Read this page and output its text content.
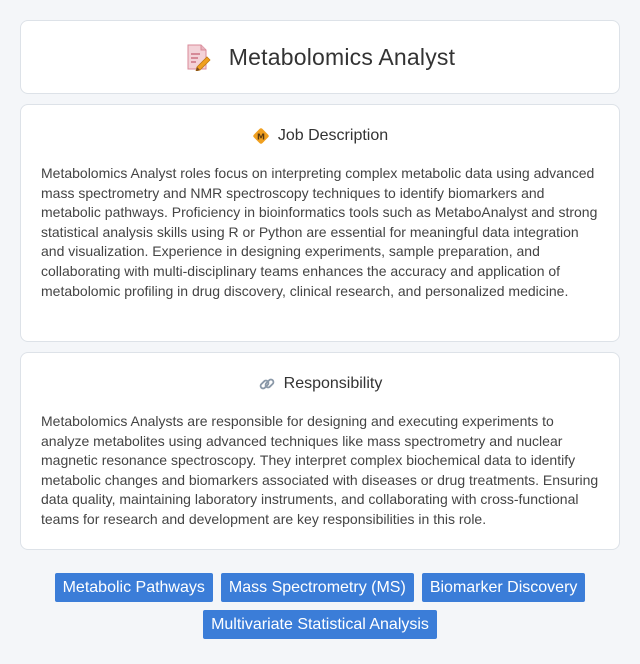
Metabolomics Analyst
M Job Description

Metabolomics Analyst roles focus on interpreting complex metabolic data using advanced mass spectrometry and NMR spectroscopy techniques to identify biomarkers and metabolic pathways. Proficiency in bioinformatics tools such as MetaboAnalyst and strong statistical analysis skills using R or Python are essential for meaningful data integration and visualization. Experience in designing experiments, sample preparation, and collaborating with multi-disciplinary teams enhances the accuracy and application of metabolomic profiling in drug discovery, clinical research, and personalized medicine.

Responsibility

Metabolomics Analysts are responsible for designing and executing experiments to analyze metabolites using advanced techniques like mass spectrometry and nuclear magnetic resonance spectroscopy. They interpret complex biochemical data to identify metabolic changes and biomarkers associated with diseases or drug treatments. Ensuring data quality, maintaining laboratory instruments, and collaborating with cross-functional teams for research and development are key responsibilities in this role.

Metabolic Pathways	Mass Spectrometry (MS)	Biomarker Discovery
Multivariate Statistical Analysis
